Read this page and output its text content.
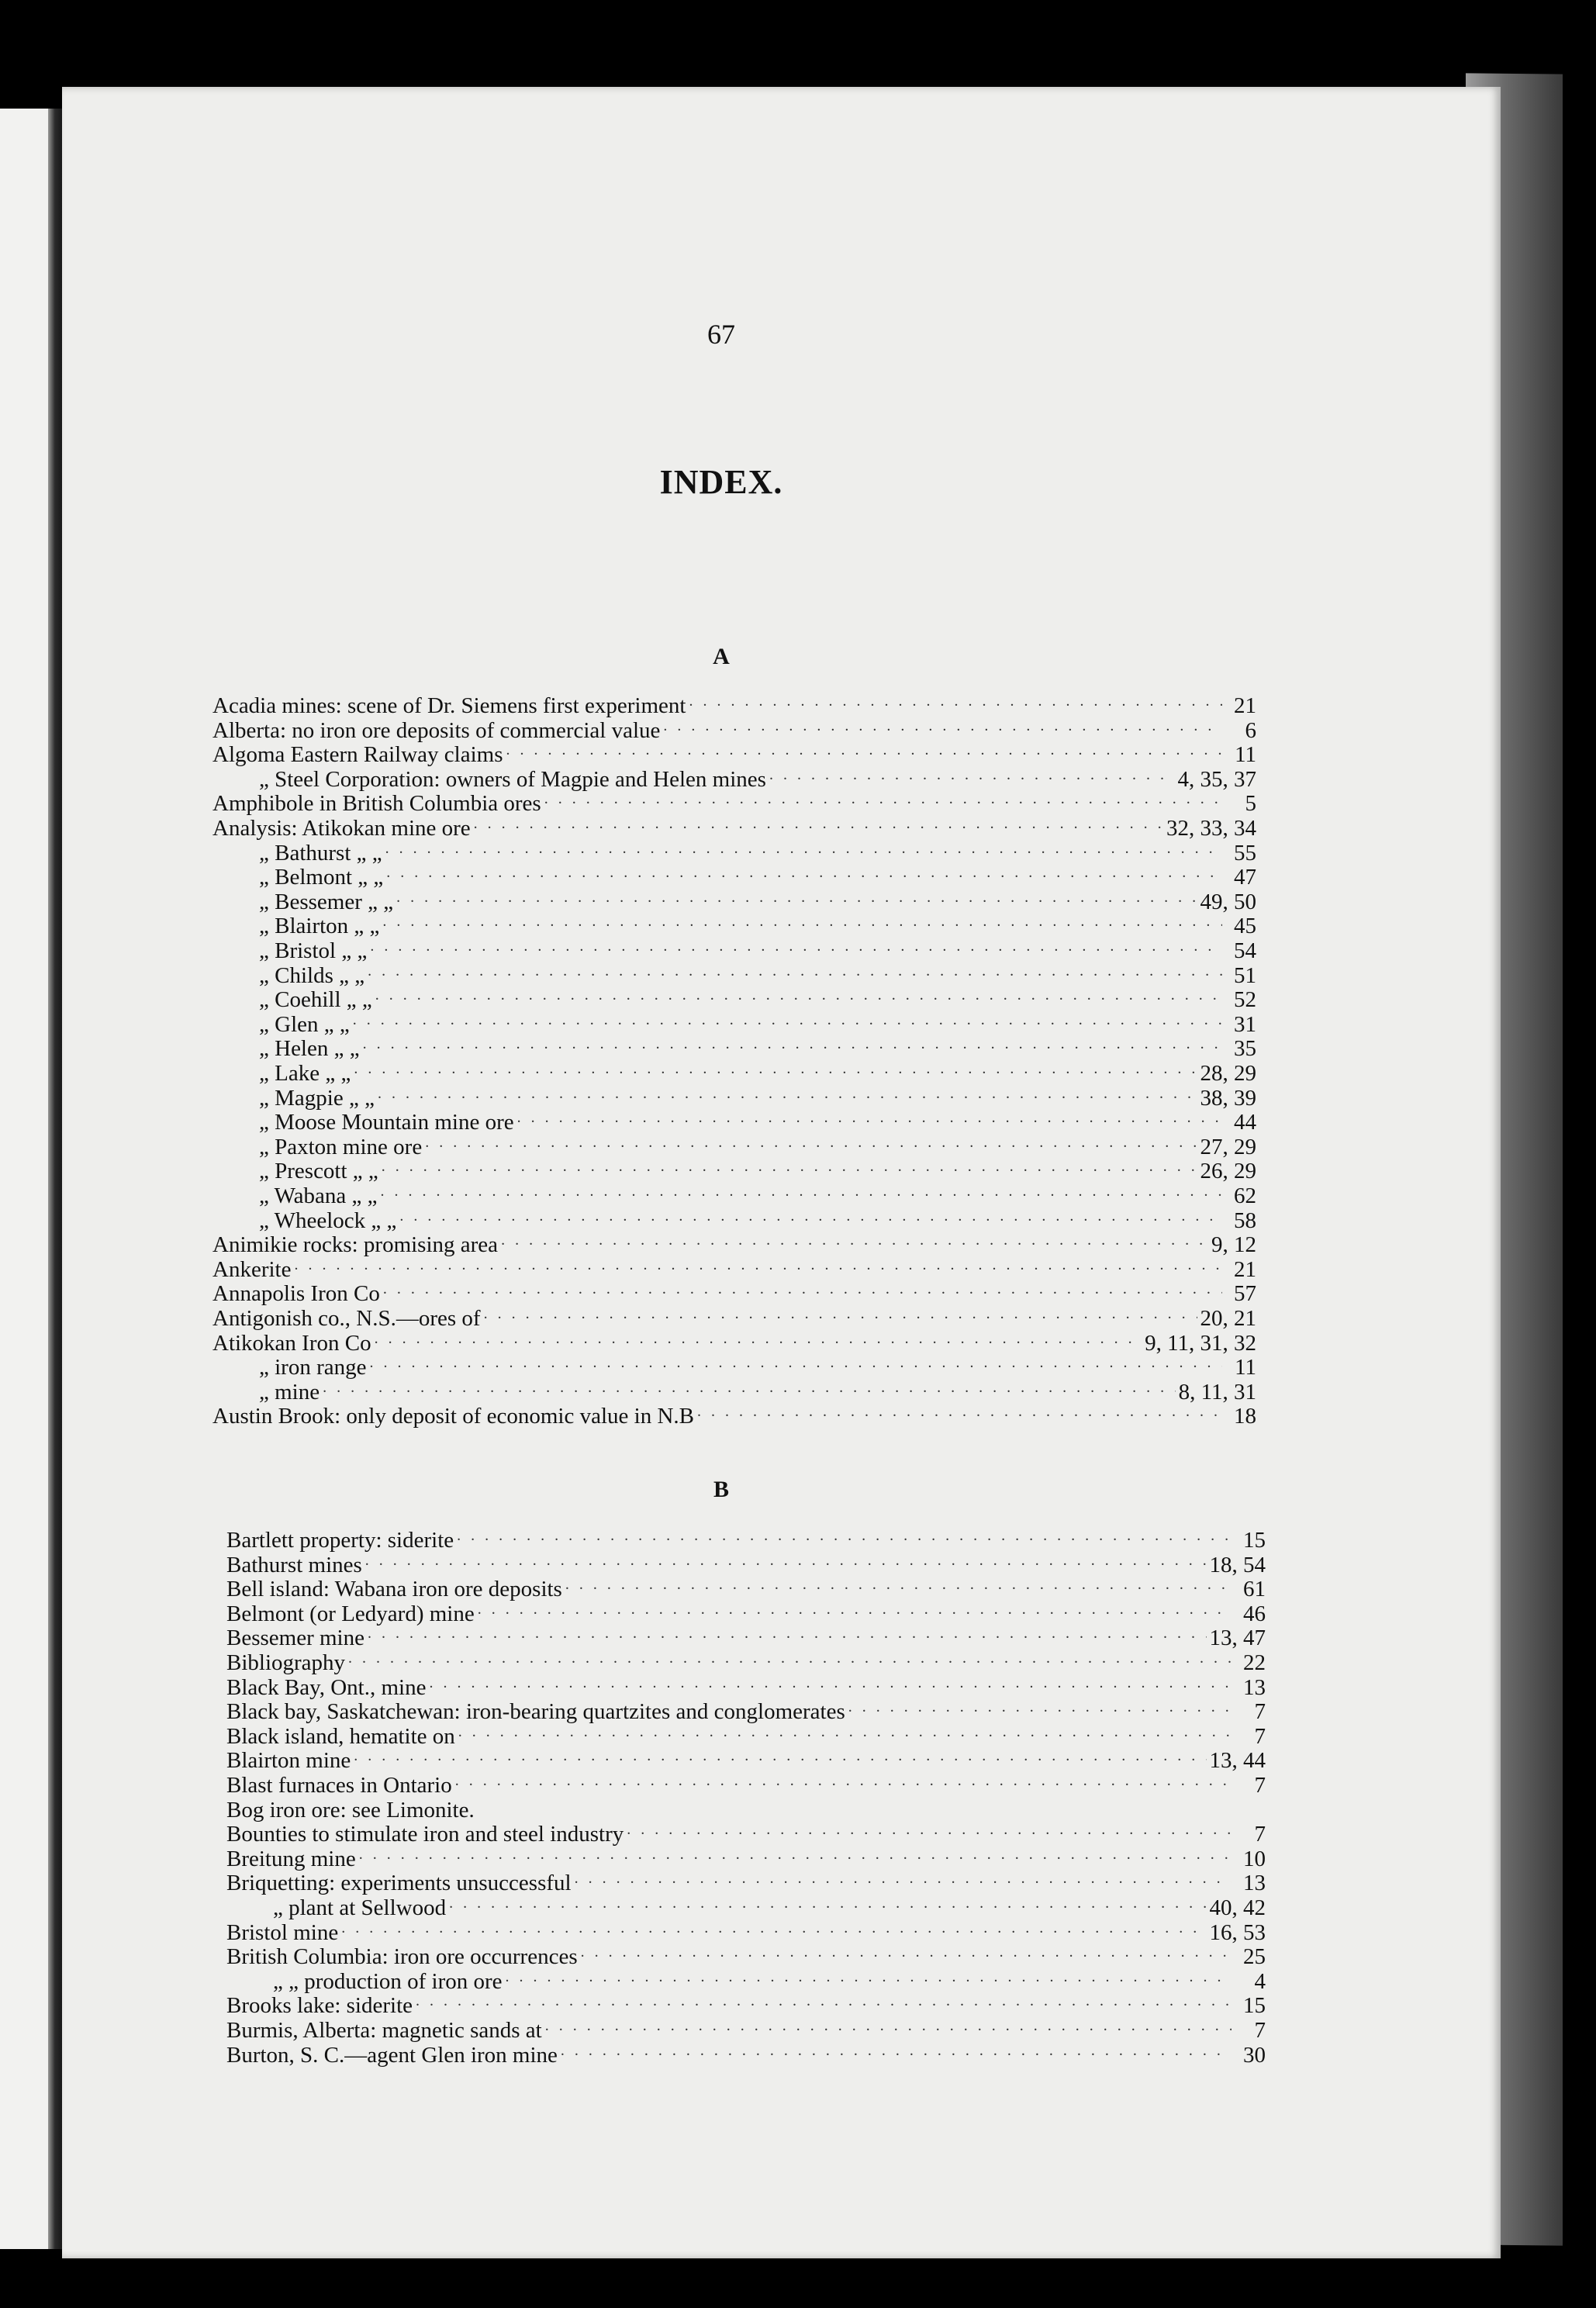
67
INDEX.
A
B
Acadia mines: scene of Dr. Siemens first experiment . . .	21
Alberta: no iron ore deposits of commercial value . . .	6
Algoma Eastern Railway claims . . .	11
„ Steel Corporation: owners of Magpie and Helen mines . . .	4, 35, 37
Amphibole in British Columbia ores . . .	5
Analysis: Atikokan mine ore . . .	32, 33, 34
„ Bathurst „ „ . . .	55
„ Belmont „ „ . . .	47
„ Bessemer „ „ . . .	49, 50
„ Blairton „ „ . . .	45
„ Bristol „ „ . . .	54
„ Childs „ „ . . .	51
„ Coehill „ „ . . .	52
„ Glen „ „ . . .	31
„ Helen „ „ . . .	35
„ Lake „ „ . . .	28, 29
„ Magpie „ „ . . .	38, 39
„ Moose Mountain mine ore . . .	44
„ Paxton mine ore . . .	27, 29
„ Prescott „ „ . . .	26, 29
„ Wabana „ „ . . .	62
„ Wheelock „ „ . . .	58
Animikie rocks: promising area . . .	9, 12
Ankerite . . .	21
Annapolis Iron Co . . .	57
Antigonish co., N.S.—ores of . . .	20, 21
Atikokan Iron Co . . .	9, 11, 31, 32
„ iron range . . .	11
„ mine . . .	8, 11, 31
Austin Brook: only deposit of economic value in N.B . . .	18
Bartlett property: siderite . . .	15
Bathurst mines . . .	18, 54
Bell island: Wabana iron ore deposits . . .	61
Belmont (or Ledyard) mine . . .	46
Bessemer mine . . .	13, 47
Bibliography . . .	22
Black Bay, Ont., mine . . .	13
Black bay, Saskatchewan: iron-bearing quartzites and conglomerates . . .	7
Black island, hematite on . . .	7
Blairton mine . . .	13, 44
Blast furnaces in Ontario . . .	7
Bog iron ore: see Limonite.
Bounties to stimulate iron and steel industry . . .	7
Breitung mine . . .	10
Briquetting: experiments unsuccessful . . .	13
„ plant at Sellwood . . .	40, 42
Bristol mine . . .	16, 53
British Columbia: iron ore occurrences . . .	25
„ „ production of iron ore . . .	4
Brooks lake: siderite . . .	15
Burmis, Alberta: magnetic sands at . . .	7
Burton, S. C.—agent Glen iron mine . . .	30
